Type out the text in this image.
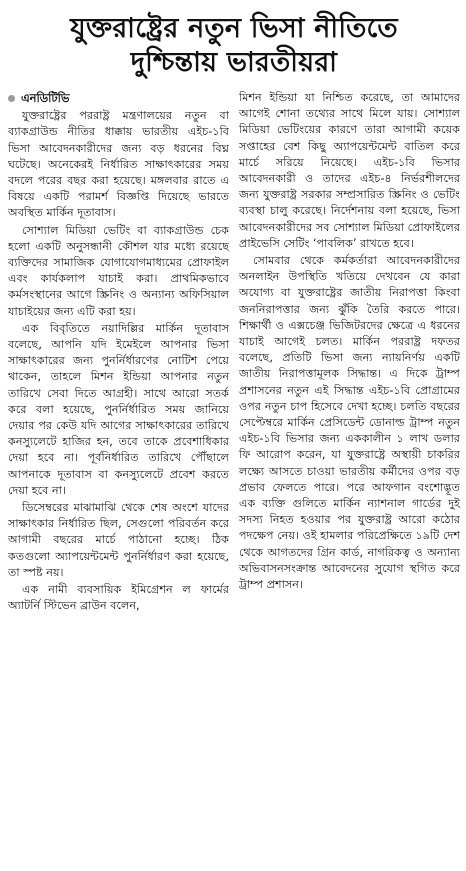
যুক্তরাষ্ট্রের নতুন ভিসা নীতিতে
দুশ্চিন্তায় ভারতীয়রা
এনডিটিভি

যুক্তরাষ্ট্রের পররাষ্ট্র মন্ত্রণালয়ের নতুন বা ব্যাকগ্রাউন্ড নীতির ধাক্কায় ভারতীয় এইচ-১বি ভিসা আবেদনকারীদের জন্য বড় ধরনের বিঘ্ন ঘটেছে। অনেকেরই নির্ধারিত সাক্ষাৎকারের সময় বদলে পরের বছর করা হয়েছে। মঙ্গলবার রাতে এ বিষয়ে একটি পরামর্শ বিজ্ঞপ্তি দিয়েছে ভারতে অবস্থিত মার্কিন দূতাবাস।

সোশ্যাল মিডিয়া ভেটিং বা ব্যাকগ্রাউন্ড চেক হলো একটি অনুসন্ধানী কৌশল যার মধ্যে রয়েছে ব্যক্তিদের সামাজিক যোগাযোগমাধ্যমের প্রোফাইল এবং কার্যকলাপ যাচাই করা। প্রাথমিকভাবে কর্মসংস্থানের আগে স্ক্রিনিং ও অন্যান্য অফিসিয়াল যাচাইয়ের জন্য এটি করা হয়।

এক বিবৃতিতে নয়াদিল্লির মার্কিন দূতাবাস বলেছে, আপনি যদি ইমেইলে আপনার ভিসা সাক্ষাৎকারের জন্য পুনর্নির্ধারণের নোটিশ পেয়ে থাকেন, তাহলে মিশন ইন্ডিয়া আপনার নতুন তারিখে সেবা দিতে আগ্রহী। সাথে আরো সতর্ক করে বলা হয়েছে, পুনর্নির্ধারিত সময় জানিয়ে দেয়ার পর কেউ যদি আগের সাক্ষাৎকারের তারিখে কনস্যুলেটে হাজির হন, তবে তাকে প্রবেশাধিকার দেয়া হবে না। পূর্বনির্ধারিত তারিখে পৌঁছালে আপনাকে দূতাবাস বা কনস্যুলেটে প্রবেশ করতে দেয়া হবে না।

ডিসেম্বরের মাঝামাঝি থেকে শেষ অংশে যাদের সাক্ষাৎকার নির্ধারিত ছিল, সেগুলো পরিবর্তন করে আগামী বছরের মার্চে পাঠানো হচ্ছে। ঠিক কতগুলো অ্যাপয়েন্টমেন্ট পুনর্নির্ধারণ করা হয়েছে, তা স্পষ্ট নয়।

এক নামী ব্যবসায়িক ইমিগ্রেশন ল ফার্মের অ্যাটর্নি স্টিভেন ব্রাউন বলেন,

মিশন ইন্ডিয়া যা নিশ্চিত করেছে, তা আমাদের আগেই শোনা তথ্যের সাথে মিলে যায়। সোশ্যাল মিডিয়া ভেটিংয়ের কারণে তারা আগামী কয়েক সপ্তাহের বেশ কিছু অ্যাপয়েন্টমেন্ট বাতিল করে মার্চে সরিয়ে নিয়েছে। এইচ-১বি ভিসার আবেদনকারী ও তাদের এইচ-৪ নির্ভরশীলদের জন্য যুক্তরাষ্ট্র সরকার সম্প্রসারিত স্ক্রিনিং ও ভেটিং ব্যবস্থা চালু করেছে। নির্দেশনায় বলা হয়েছে, ভিসা আবেদনকারীদের সব সোশ্যাল মিডিয়া প্রোফাইলের প্রাইভেসি সেটিং ‘পাবলিক’ রাখতে হবে।

সোমবার থেকে কর্মকর্তারা আবেদনকারীদের অনলাইন উপস্থিতি খতিয়ে দেখবেন যে কারা অযোগ্য বা যুক্তরাষ্ট্রের জাতীয় নিরাপত্তা কিংবা জননিরাপত্তার জন্য ঝুঁকি তৈরি করতে পারে। শিক্ষার্থী ও এক্সচেঞ্জ ভিজিটরদের ক্ষেত্রে এ ধরনের যাচাই আগেই চলত। মার্কিন পররাষ্ট্র দফতর বলেছে, প্রতিটি ভিসা জন্য ন্যায়নির্ণয় একটি জাতীয় নিরাপত্তামূলক সিদ্ধান্ত। এ দিকে ট্রাম্প প্রশাসনের নতুন এই সিদ্ধান্ত এইচ-১বি প্রোগ্রামের ওপর নতুন চাপ হিসেবে দেখা হচ্ছে। চলতি বছরের সেপ্টেম্বরে মার্কিন প্রেসিডেন্ট ডোনাল্ড ট্রাম্প নতুন এইচ-১বি ভিসার জন্য এককালীন ১ লাখ ডলার ফি আরোপ করেন, যা যুক্তরাষ্ট্রে অস্থায়ী চাকরির লক্ষ্যে আসতে চাওয়া ভারতীয় কর্মীদের ওপর বড় প্রভাব ফেলতে পারে। পরে আফগান বংশোদ্ভূত এক ব্যক্তি গুলিতে মার্কিন ন্যাশনাল গার্ডের দুই সদস্য নিহত হওয়ার পর যুক্তরাষ্ট্র আরো কঠোর পদক্ষেপ নেয়। ওই হামলার পরিপ্রেক্ষিতে ১৯টি দেশ থেকে আগতদের গ্রিন কার্ড, নাগরিকত্ব ও অন্যান্য অভিবাসনসংক্রান্ত আবেদনের সুযোগ স্থগিত করে ট্রাম্প প্রশাসন।
